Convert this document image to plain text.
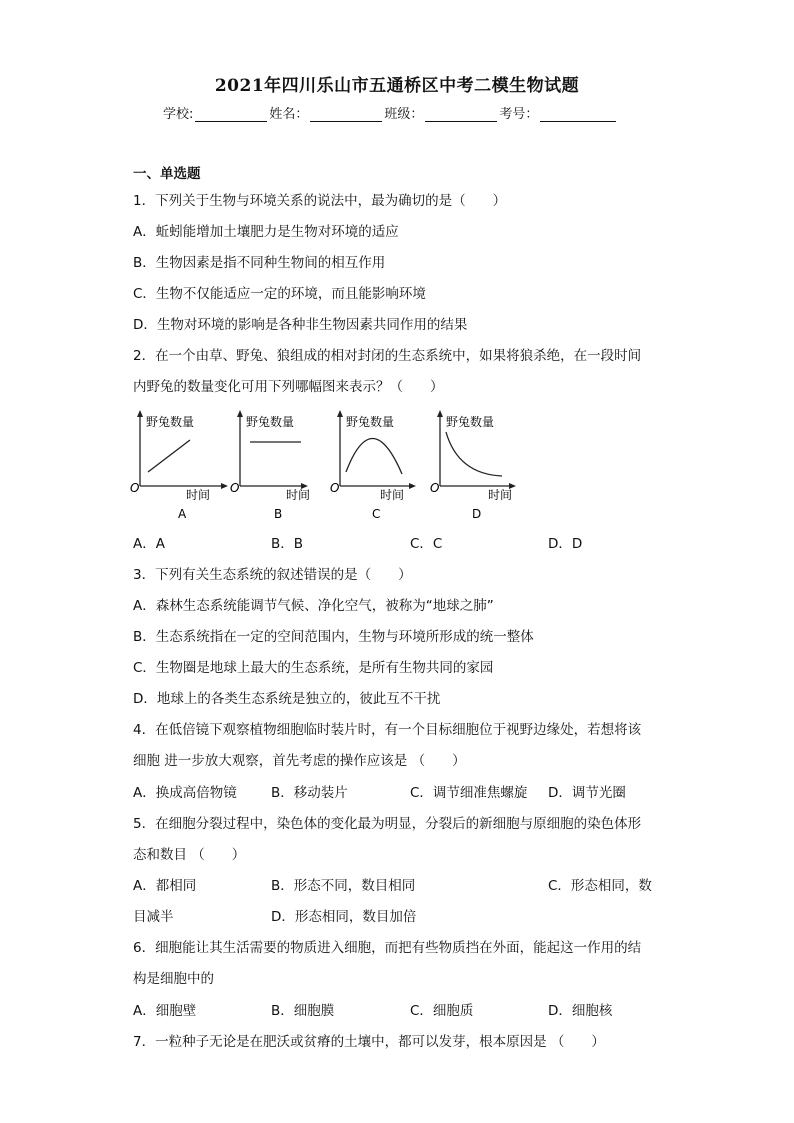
2021年四川乐山市五通桥区中考二模生物试题
学校:	姓名：	班级：	考号：
一、单选题
1．下列关于生物与环境关系的说法中，最为确切的是（　　）
A．蚯蚓能增加土壤肥力是生物对环境的适应
B．生物因素是指不同种生物间的相互作用
C．生物不仅能适应一定的环境，而且能影响环境
D．生物对环境的影响是各种非生物因素共同作用的结果
2．在一个由草、野兔、狼组成的相对封闭的生态系统中，如果将狼杀绝，在一段时间
内野兔的数量变化可用下列哪幅图来表示？（　　）
野兔数量
O	时间
A
野兔数量
O	时间
B
野兔数量
O	时间
C
野兔数量
O	时间
D
A．A	B．B	C．C	D．D
3．下列有关生态系统的叙述错误的是（　　）
A．森林生态系统能调节气候、净化空气，被称为“地球之肺”
B．生态系统指在一定的空间范围内，生物与环境所形成的统一整体
C．生物圈是地球上最大的生态系统，是所有生物共同的家园
D．地球上的各类生态系统是独立的，彼此互不干扰
4．在低倍镜下观察植物细胞临时装片时，有一个目标细胞位于视野边缘处，若想将该
细胞 进一步放大观察，首先考虑的操作应该是 （　　）
A．换成高倍物镜	B．移动装片	C．调节细准焦螺旋 D．调节光圈
5．在细胞分裂过程中，染色体的变化最为明显，分裂后的新细胞与原细胞的染色体形
态和数目 （　　）
A．都相同	B．形态不同，数目相同	C．形态相同，数
目减半	D．形态相同，数目加倍
6．细胞能让其生活需要的物质进入细胞，而把有些物质挡在外面，能起这一作用的结
构是细胞中的
A．细胞壁	B．细胞膜	C．细胞质	D．细胞核
7．一粒种子无论是在肥沃或贫瘠的土壤中，都可以发芽，根本原因是 （　　）
